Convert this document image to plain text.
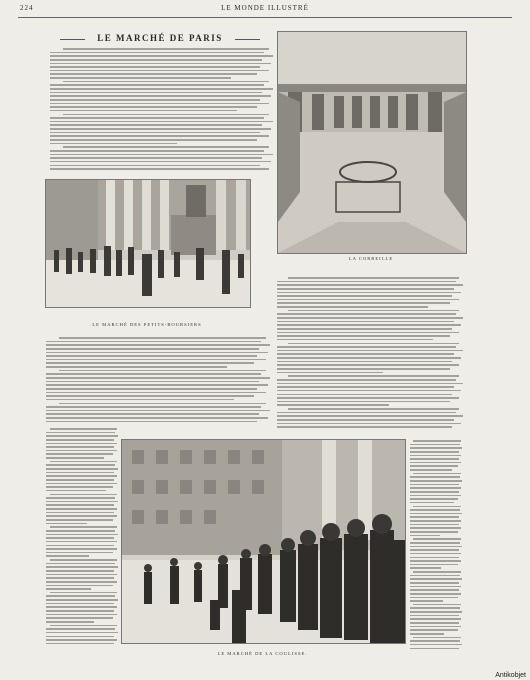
224	LE MONDE ILLUSTRÉ
LE MARCHÉ DE PARIS
LE MARCHÉ DES PETITS-BOURSIERS
LA CORBEILLE
LE MARCHÉ DE LA COULISSE.
Antikobjet
